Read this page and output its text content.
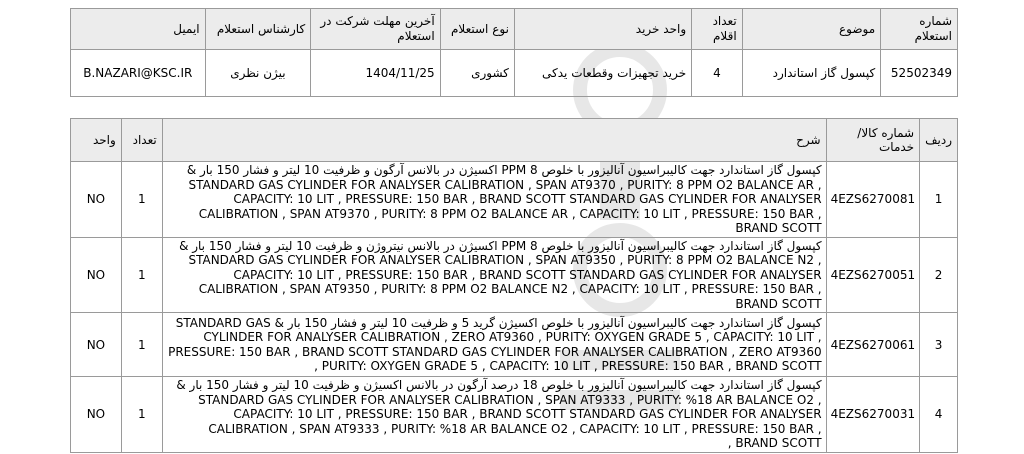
شماره استعلام	موضوع	تعداد اقلام	واحد خرید	نوع استعلام	آخرین مهلت شرکت در استعلام	کارشناس استعلام	ایمیل
52502349	کپسول گاز استاندارد	4	خرید تجهیزات وقطعات یدکی	کشوری	1404/11/25	بیژن نظری	B.NAZARI@KSC.IR
ردیف	شماره کالا/خدمات	شرح	تعداد	واحد
1	4EZS6270081	کپسول گاز استاندارد جهت کالیبراسیون آنالیزور با خلوص PPM 8 اکسیژن در بالانس آرگون و ظرفیت 10 لیتر و فشار 150 بار & STANDARD GAS CYLINDER FOR ANALYSER CALIBRATION , SPAN AT9370 , PURITY: 8 PPM O2 BALANCE AR , CAPACITY: 10 LIT , PRESSURE: 150 BAR , BRAND SCOTT STANDARD GAS CYLINDER FOR ANALYSER CALIBRATION , SPAN AT9370 , PURITY: 8 PPM O2 BALANCE AR , CAPACITY: 10 LIT , PRESSURE: 150 BAR , BRAND SCOTT	1	NO
2	4EZS6270051	کپسول گاز استاندارد جهت کالیبراسیون آنالیزور با خلوص PPM 8 اکسیژن در بالانس نیتروژن و ظرفیت 10 لیتر و فشار 150 بار & STANDARD GAS CYLINDER FOR ANALYSER CALIBRATION , SPAN AT9350 , PURITY: 8 PPM O2 BALANCE N2 , CAPACITY: 10 LIT , PRESSURE: 150 BAR , BRAND SCOTT STANDARD GAS CYLINDER FOR ANALYSER CALIBRATION , SPAN AT9350 , PURITY: 8 PPM O2 BALANCE N2 , CAPACITY: 10 LIT , PRESSURE: 150 BAR , BRAND SCOTT	1	NO
3	4EZS6270061	کپسول گاز استاندارد جهت کالیبراسیون آنالیزور با خلوص اکسیژن گرید 5 و ظرفیت 10 لیتر و فشار 150 بار & STANDARD GAS CYLINDER FOR ANALYSER CALIBRATION , ZERO AT9360 , PURITY: OXYGEN GRADE 5 , CAPACITY: 10 LIT , PRESSURE: 150 BAR , BRAND SCOTT STANDARD GAS CYLINDER FOR ANALYSER CALIBRATION , ZERO AT9360 , PURITY: OXYGEN GRADE 5 , CAPACITY: 10 LIT , PRESSURE: 150 BAR , BRAND SCOTT	1	NO
4	4EZS6270031	کپسول گاز استاندارد جهت کالیبراسیون آنالیزور با خلوص 18 درصد آرگون در بالانس اکسیژن و ظرفیت 10 لیتر و فشار 150 بار & STANDARD GAS CYLINDER FOR ANALYSER CALIBRATION , SPAN AT9333 , PURITY: %18 AR BALANCE O2 , CAPACITY: 10 LIT , PRESSURE: 150 BAR , BRAND SCOTT STANDARD GAS CYLINDER FOR ANALYSER CALIBRATION , SPAN AT9333 , PURITY: %18 AR BALANCE O2 , CAPACITY: 10 LIT , PRESSURE: 150 BAR , BRAND SCOTT ,	1	NO
